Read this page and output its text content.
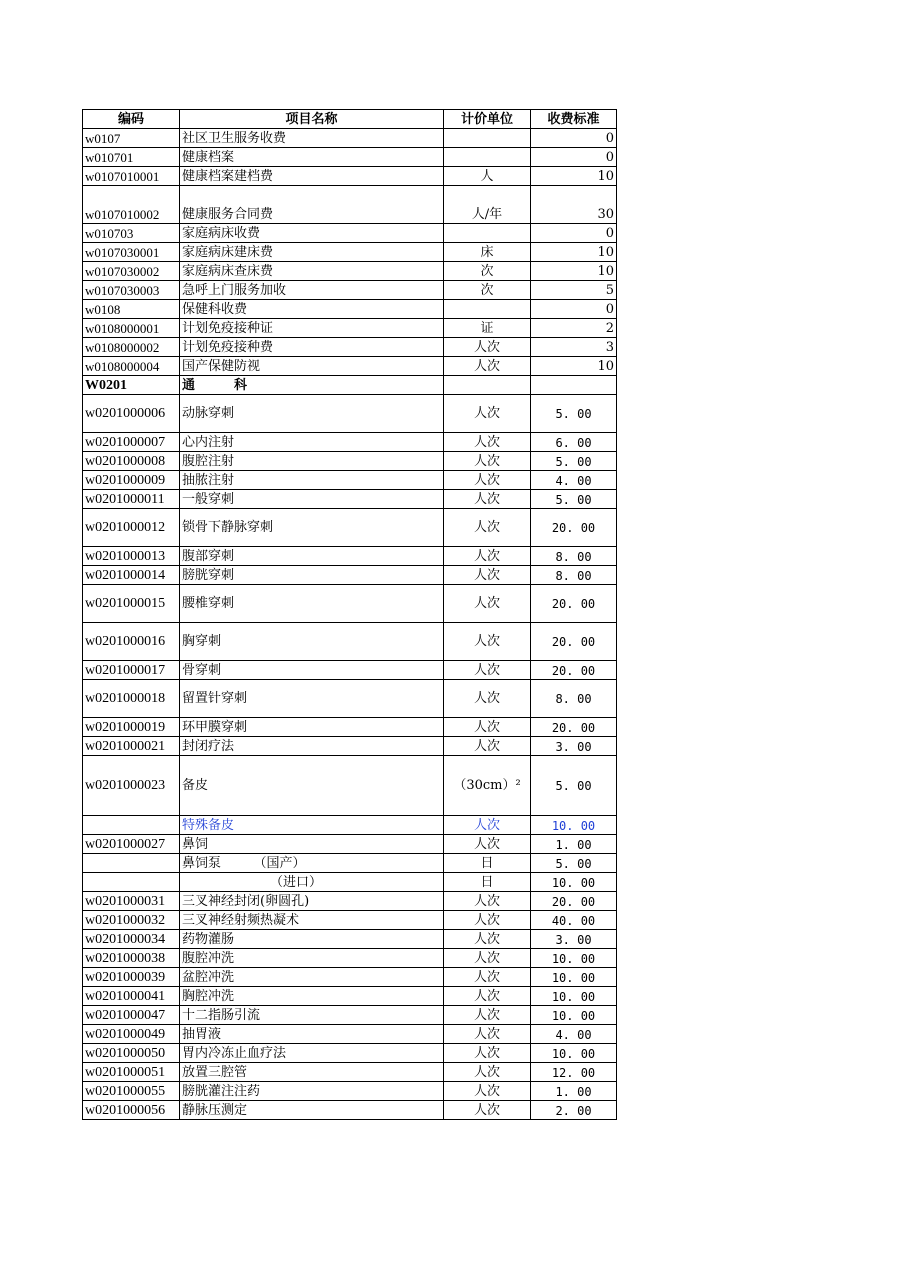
编码	项目名称	计价单位	收费标准
w0107	社区卫生服务收费		0
w010701	健康档案		0
w0107010001	健康档案建档费	人	10
w0107010002	健康服务合同费	人/年	30
w010703	家庭病床收费		0
w0107030001	家庭病床建床费	床	10
w0107030002	家庭病床查床费	次	10
w0107030003	急呼上门服务加收	次	5
w0108	保健科收费		0
w0108000001	计划免疫接种证	证	2
w0108000002	计划免疫接种费	人次	3
w0108000004	国产保健防视	人次	10
W0201	通　　　科		
w0201000006	动脉穿刺	人次	5. 00
w0201000007	心内注射	人次	6. 00
w0201000008	腹腔注射	人次	5. 00
w0201000009	抽脓注射	人次	4. 00
w0201000011	一般穿刺	人次	5. 00
w0201000012	锁骨下静脉穿刺	人次	20. 00
w0201000013	腹部穿刺	人次	8. 00
w0201000014	膀胱穿刺	人次	8. 00
w0201000015	腰椎穿刺	人次	20. 00
w0201000016	胸穿刺	人次	20. 00
w0201000017	骨穿刺	人次	20. 00
w0201000018	留置针穿刺	人次	8. 00
w0201000019	环甲膜穿刺	人次	20. 00
w0201000021	封闭疗法	人次	3. 00
w0201000023	备皮	（30cm）²	5. 00
	特殊备皮	人次	10. 00
w0201000027	鼻饲	人次	1. 00
	鼻饲泵　　　（国产）	日	5. 00
	（进口）	日	10. 00
w0201000031	三叉神经封闭(卵圆孔)	人次	20. 00
w0201000032	三叉神经射频热凝术	人次	40. 00
w0201000034	药物灌肠	人次	3. 00
w0201000038	腹腔冲洗	人次	10. 00
w0201000039	盆腔冲洗	人次	10. 00
w0201000041	胸腔冲洗	人次	10. 00
w0201000047	十二指肠引流	人次	10. 00
w0201000049	抽胃液	人次	4. 00
w0201000050	胃内冷冻止血疗法	人次	10. 00
w0201000051	放置三腔管	人次	12. 00
w0201000055	膀胱灌注注药	人次	1. 00
w0201000056	静脉压测定	人次	2. 00
